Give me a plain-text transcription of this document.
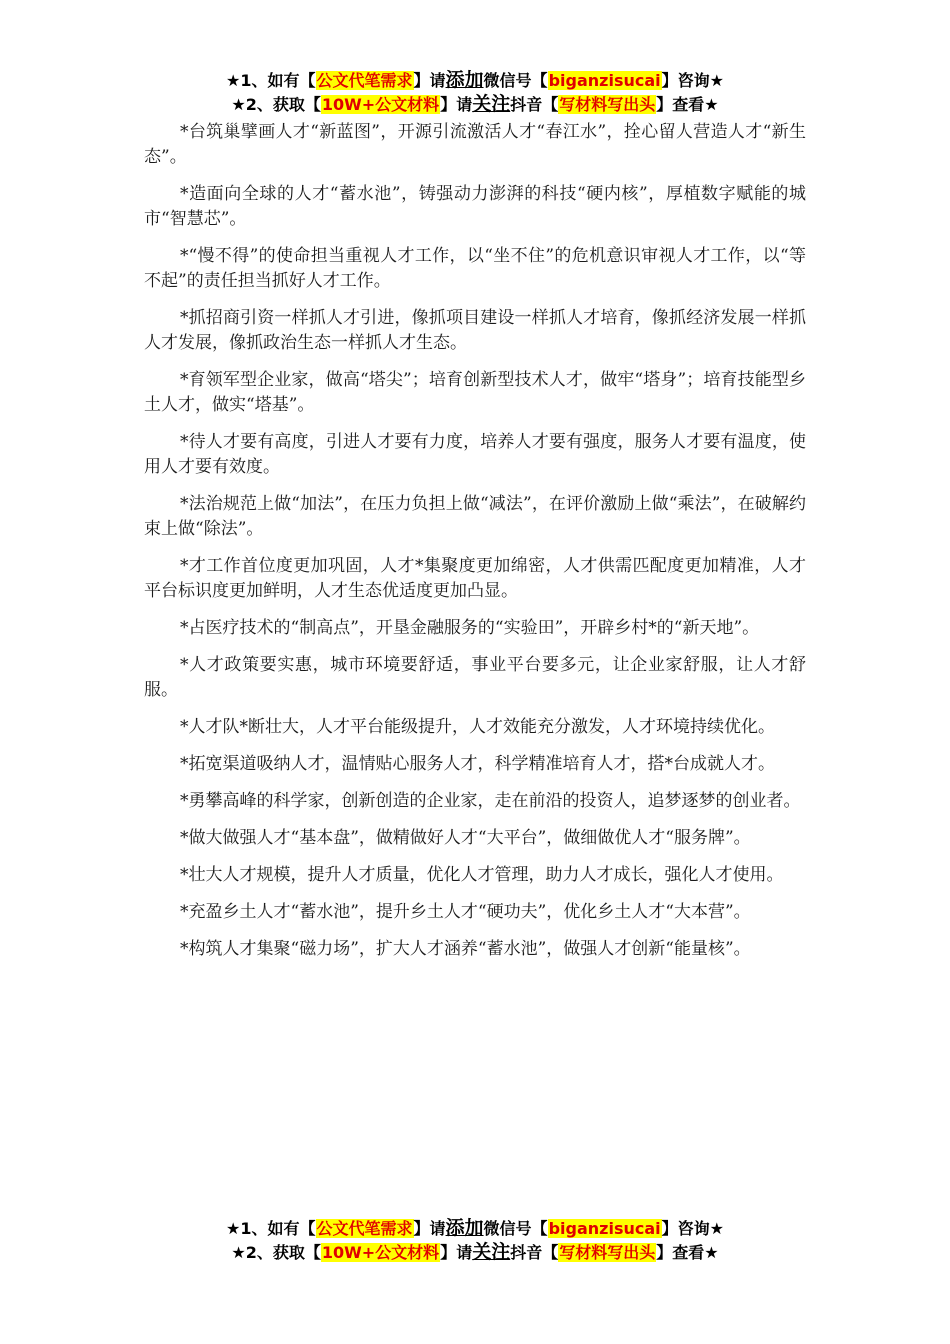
★1、如有【公文代笔需求】请添加微信号【biganzisucai】咨询★
★2、获取【10W+公文材料】请关注抖音【写材料写出头】查看★

*台筑巢擘画人才“新蓝图”，开源引流激活人才“春江水”，拴心留人营造人才“新生态”。

*造面向全球的人才“蓄水池”，铸强动力澎湃的科技“硬内核”，厚植数字赋能的城市“智慧芯”。

*“慢不得”的使命担当重视人才工作，以“坐不住”的危机意识审视人才工作，以“等不起”的责任担当抓好人才工作。

*抓招商引资一样抓人才引进，像抓项目建设一样抓人才培育，像抓经济发展一样抓人才发展，像抓政治生态一样抓人才生态。

*育领军型企业家，做高“塔尖”；培育创新型技术人才，做牢“塔身”；培育技能型乡土人才，做实“塔基”。

*待人才要有高度，引进人才要有力度，培养人才要有强度，服务人才要有温度，使用人才要有效度。

*法治规范上做“加法”，在压力负担上做“减法”，在评价激励上做“乘法”，在破解约束上做“除法”。

*才工作首位度更加巩固，人才*集聚度更加绵密，人才供需匹配度更加精准，人才平台标识度更加鲜明，人才生态优适度更加凸显。

*占医疗技术的“制高点”，开垦金融服务的“实验田”，开辟乡村*的“新天地”。

*人才政策要实惠，城市环境要舒适，事业平台要多元，让企业家舒服，让人才舒服。

*人才队*断壮大，人才平台能级提升，人才效能充分激发，人才环境持续优化。

*拓宽渠道吸纳人才，温情贴心服务人才，科学精准培育人才，搭*台成就人才。

*勇攀高峰的科学家，创新创造的企业家，走在前沿的投资人，追梦逐梦的创业者。

*做大做强人才“基本盘”，做精做好人才“大平台”，做细做优人才“服务牌”。

*壮大人才规模，提升人才质量，优化人才管理，助力人才成长，强化人才使用。

*充盈乡土人才“蓄水池”，提升乡土人才“硬功夫”，优化乡土人才“大本营”。

*构筑人才集聚“磁力场”，扩大人才涵养“蓄水池”，做强人才创新“能量核”。

★1、如有【公文代笔需求】请添加微信号【biganzisucai】咨询★
★2、获取【10W+公文材料】请关注抖音【写材料写出头】查看★
